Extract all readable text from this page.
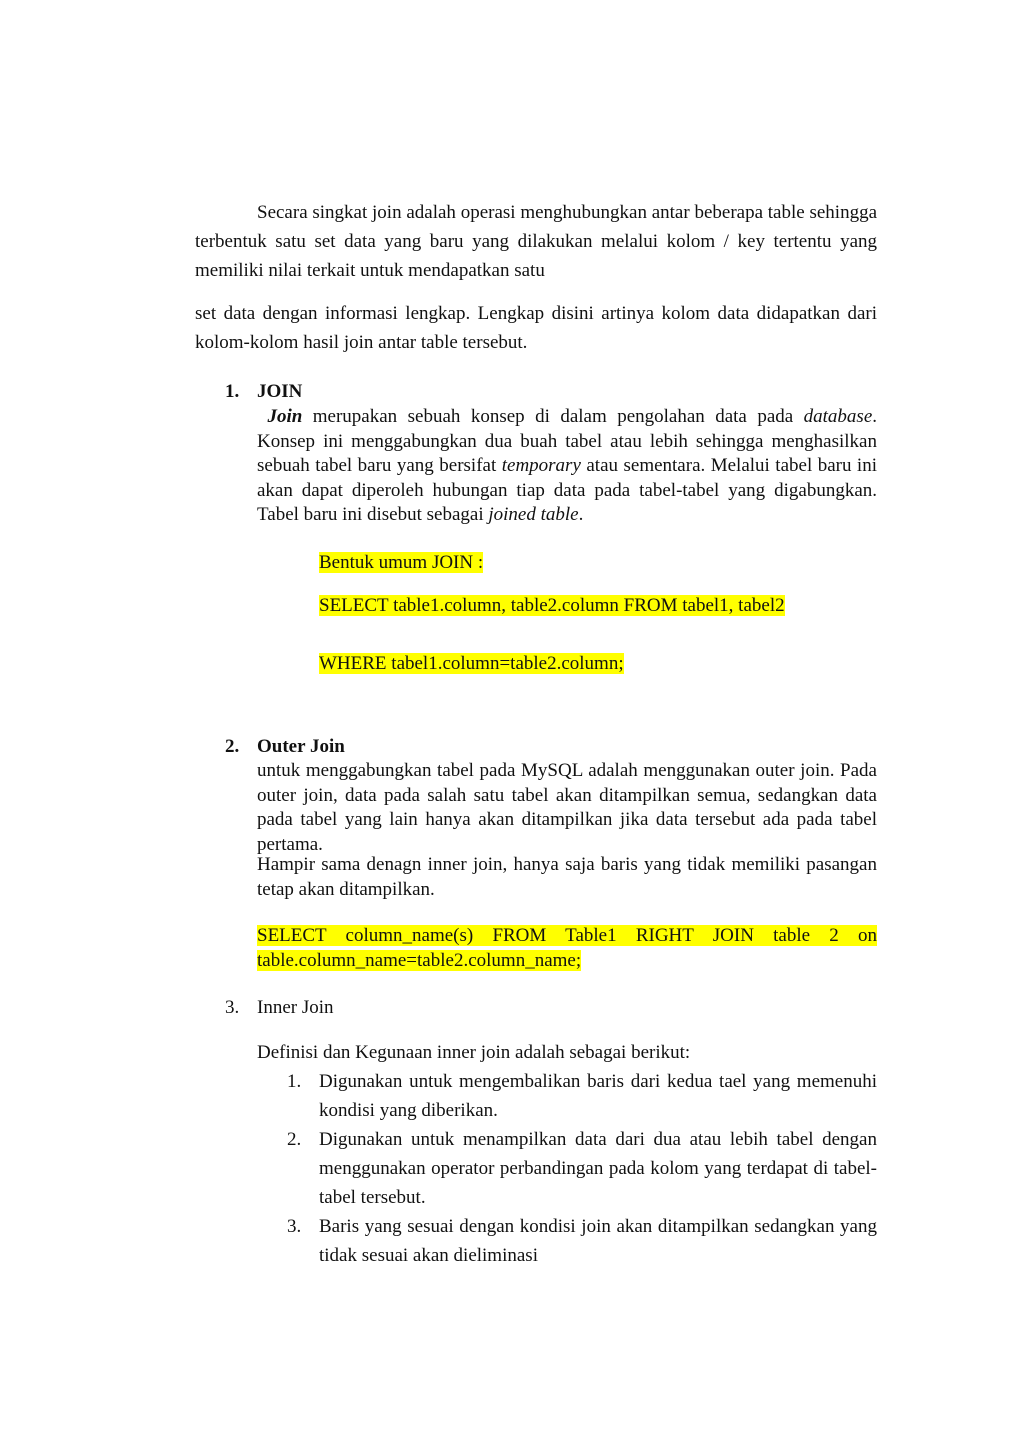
Secara singkat join adalah operasi menghubungkan antar beberapa table sehingga terbentuk satu set data yang baru yang dilakukan melalui kolom / key tertentu yang memiliki nilai terkait untuk mendapatkan satu

set data dengan informasi lengkap. Lengkap disini artinya kolom data didapatkan dari kolom-kolom hasil join antar table tersebut.

1. JOIN

Join merupakan sebuah konsep di dalam pengolahan data pada database. Konsep ini menggabungkan dua buah tabel atau lebih sehingga menghasilkan sebuah tabel baru yang bersifat temporary atau sementara. Melalui tabel baru ini akan dapat diperoleh hubungan tiap data pada tabel-tabel yang digabungkan. Tabel baru ini disebut sebagai joined table.

Bentuk umum JOIN :
SELECT table1.column, table2.column FROM tabel1, tabel2
WHERE tabel1.column=table2.column;
2. Outer Join

untuk menggabungkan tabel pada MySQL adalah menggunakan outer join. Pada outer join, data pada salah satu tabel akan ditampilkan semua, sedangkan data pada tabel yang lain hanya akan ditampilkan jika data tersebut ada pada tabel pertama.

Hampir sama denagn inner join, hanya saja baris yang tidak memiliki pasangan tetap akan ditampilkan.

SELECT column_name(s) FROM Table1 RIGHT JOIN table 2 on table.column_name=table2.column_name;

3. Inner Join

Definisi dan Kegunaan inner join adalah sebagai berikut:

1. Digunakan untuk mengembalikan baris dari kedua tael yang memenuhi kondisi yang diberikan.

2. Digunakan untuk menampilkan data dari dua atau lebih tabel dengan menggunakan operator perbandingan pada kolom yang terdapat di tabel-tabel tersebut.

3. Baris yang sesuai dengan kondisi join akan ditampilkan sedangkan yang tidak sesuai akan dieliminasi
